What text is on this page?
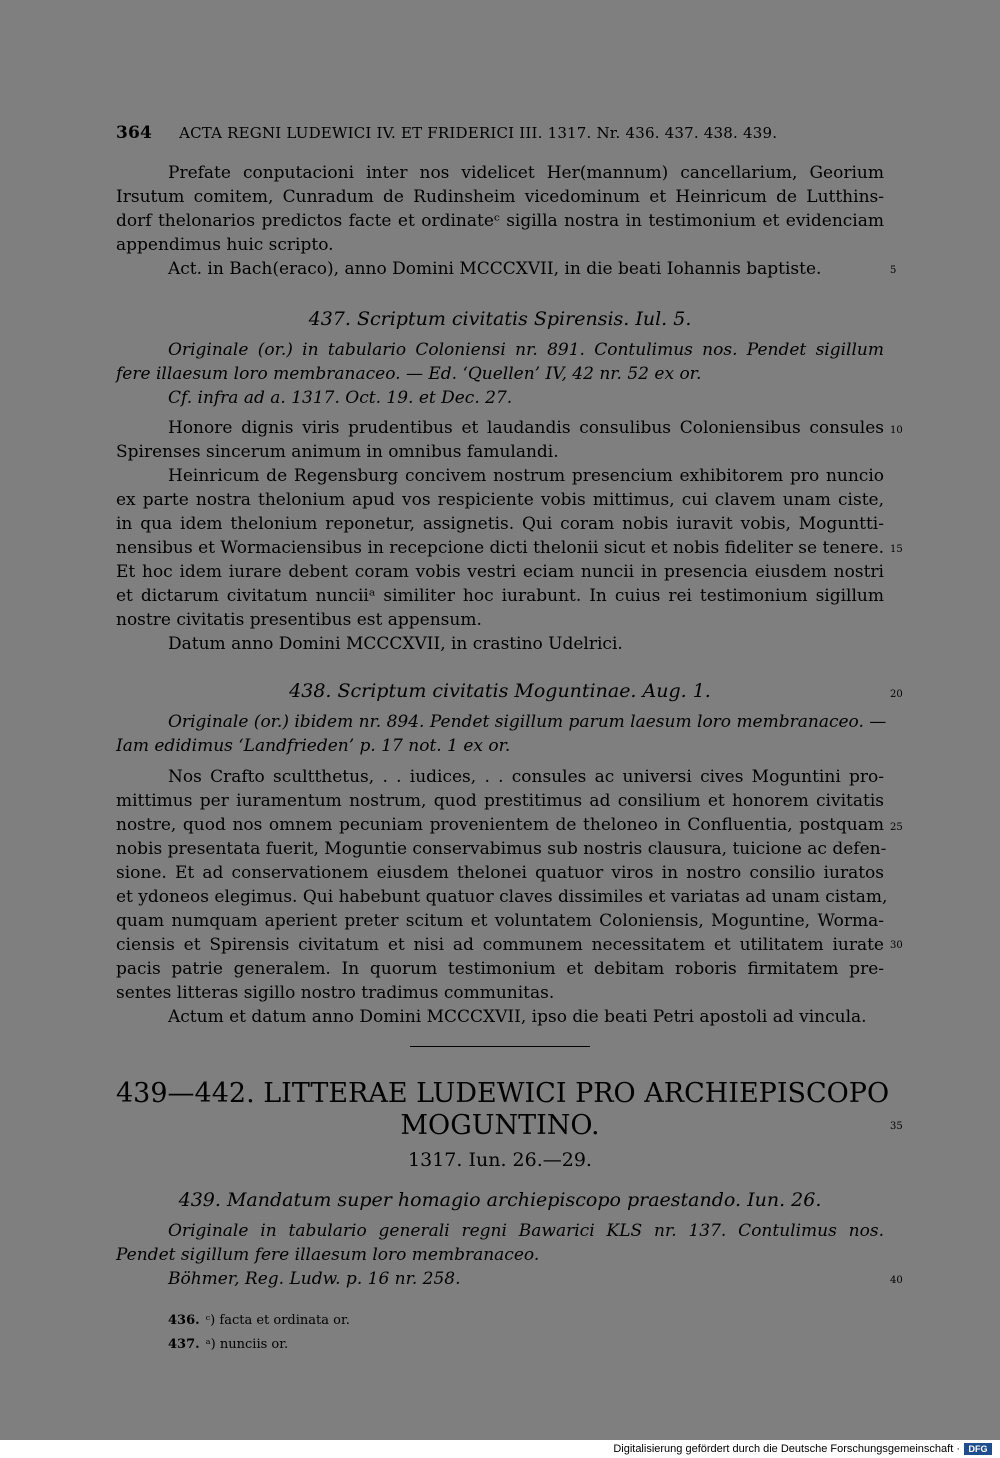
364 ACTA REGNI LUDEWICI IV. ET FRIDERICI III. 1317. Nr. 436. 437. 438. 439.
Prefate conputacioni inter nos videlicet Her(mannum) cancellarium, Georium
Irsutum comitem, Cunradum de Rudinsheim vicedominum et Heinricum de Lutthins-
dorf thelonarios predictos facte et ordinateᶜ sigilla nostra in testimonium et evidenciam
appendimus huic scripto.
Act. in Bach(eraco), anno Domini MCCCXVII, in die beati Iohannis baptiste.
437. Scriptum civitatis Spirensis. Iul. 5.
Originale (or.) in tabulario Coloniensi nr. 891. Contulimus nos. Pendet sigillum
fere illaesum loro membranaceo. — Ed. ‘Quellen’ IV, 42 nr. 52 ex or.
Cf. infra ad a. 1317. Oct. 19. et Dec. 27.
Honore dignis viris prudentibus et laudandis consulibus Coloniensibus consules
Spirenses sincerum animum in omnibus famulandi.
Heinricum de Regensburg concivem nostrum presencium exhibitorem pro nuncio
ex parte nostra thelonium apud vos respiciente vobis mittimus, cui clavem unam ciste,
in qua idem thelonium reponetur, assignetis. Qui coram nobis iuravit vobis, Moguntti-
nensibus et Wormaciensibus in recepcione dicti thelonii sicut et nobis fideliter se tenere.
Et hoc idem iurare debent coram vobis vestri eciam nuncii in presencia eiusdem nostri
et dictarum civitatum nunciiᵃ similiter hoc iurabunt. In cuius rei testimonium sigillum
nostre civitatis presentibus est appensum.
Datum anno Domini MCCCXVII, in crastino Udelrici.
438. Scriptum civitatis Moguntinae. Aug. 1.
Originale (or.) ibidem nr. 894. Pendet sigillum parum laesum loro membranaceo. —
Iam edidimus ‘Landfrieden’ p. 17 not. 1 ex or.
Nos Crafto scultthetus, . . iudices, . . consules ac universi cives Moguntini pro-
mittimus per iuramentum nostrum, quod prestitimus ad consilium et honorem civitatis
nostre, quod nos omnem pecuniam provenientem de theloneo in Confluentia, postquam
nobis presentata fuerit, Moguntie conservabimus sub nostris clausura, tuicione ac defen-
sione. Et ad conservationem eiusdem thelonei quatuor viros in nostro consilio iuratos
et ydoneos elegimus. Qui habebunt quatuor claves dissimiles et variatas ad unam cistam,
quam numquam aperient preter scitum et voluntatem Coloniensis, Moguntine, Worma-
ciensis et Spirensis civitatum et nisi ad communem necessitatem et utilitatem iurate
pacis patrie generalem. In quorum testimonium et debitam roboris firmitatem pre-
sentes litteras sigillo nostro tradimus communitas.
Actum et datum anno Domini MCCCXVII, ipso die beati Petri apostoli ad vincula.
439—442. LITTERAE LUDEWICI PRO ARCHIEPISCOPO
MOGUNTINO.
1317. Iun. 26.—29.
439. Mandatum super homagio archiepiscopo praestando. Iun. 26.
Originale in tabulario generali regni Bawarici KLS nr. 137. Contulimus nos.
Pendet sigillum fere illaesum loro membranaceo.
Böhmer, Reg. Ludw. p. 16 nr. 258.
5
10
15
20
25
30
35
40
436. ᶜ) facta et ordinata or.
437. ᵃ) nunciis or.
Digitalisierung gefördert durch die Deutsche Forschungsgemeinschaft · DFG
